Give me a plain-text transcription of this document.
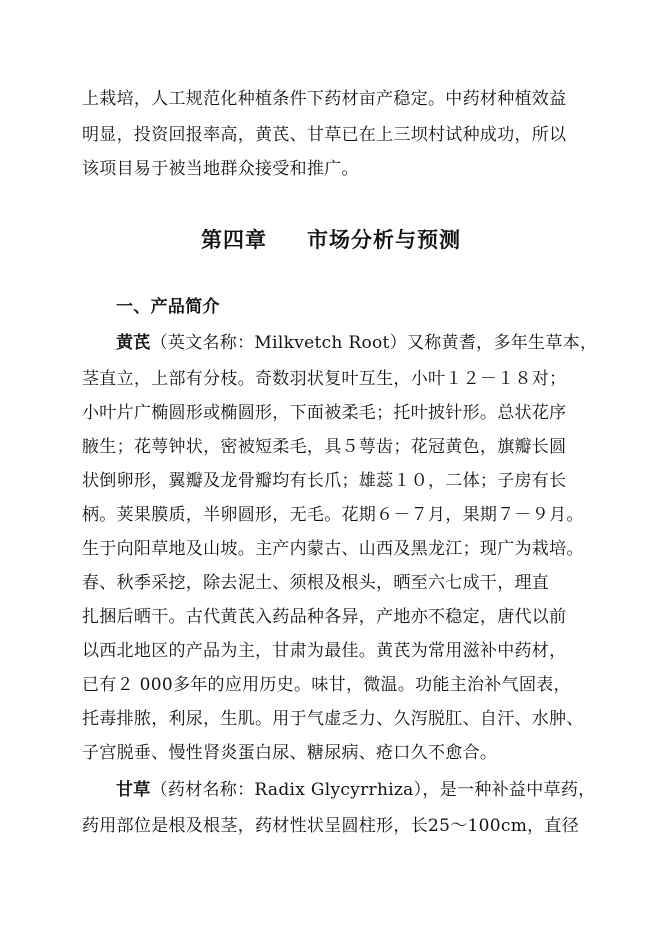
上栽培，人工规范化种植条件下药材亩产稳定。中药材种植效益
明显，投资回报率高，黄芪、甘草已在上三坝村试种成功，所以
该项目易于被当地群众接受和推广。
第四章 市场分析与预测
一、产品简介
黄芪（英文名称：Milkvetch Root）又称黄耆，多年生草本，
茎直立，上部有分枝。奇数羽状复叶互生，小叶１２－１８对；
小叶片广椭圆形或椭圆形，下面被柔毛；托叶披针形。总状花序
腋生；花萼钟状，密被短柔毛，具５萼齿；花冠黄色，旗瓣长圆
状倒卵形，翼瓣及龙骨瓣均有长爪；雄蕊１０，二体；子房有长
柄。荚果膜质，半卵圆形，无毛。花期６－７月，果期７－９月。
生于向阳草地及山坡。主产内蒙古、山西及黑龙江；现广为栽培。
春、秋季采挖，除去泥土、须根及根头，晒至六七成干，理直
扎捆后晒干。古代黄芪入药品种各异，产地亦不稳定，唐代以前
以西北地区的产品为主，甘肃为最佳。黄芪为常用滋补中药材，
已有２ 000多年的应用历史。味甘，微温。功能主治补气固表，
托毒排脓，利尿，生肌。用于气虚乏力、久泻脱肛、自汗、水肿、
子宫脱垂、慢性肾炎蛋白尿、糖尿病、疮口久不愈合。
甘草（药材名称：Radix Glycyrrhiza），是一种补益中草药，
药用部位是根及根茎，药材性状呈圆柱形，长25～100cm，直径
